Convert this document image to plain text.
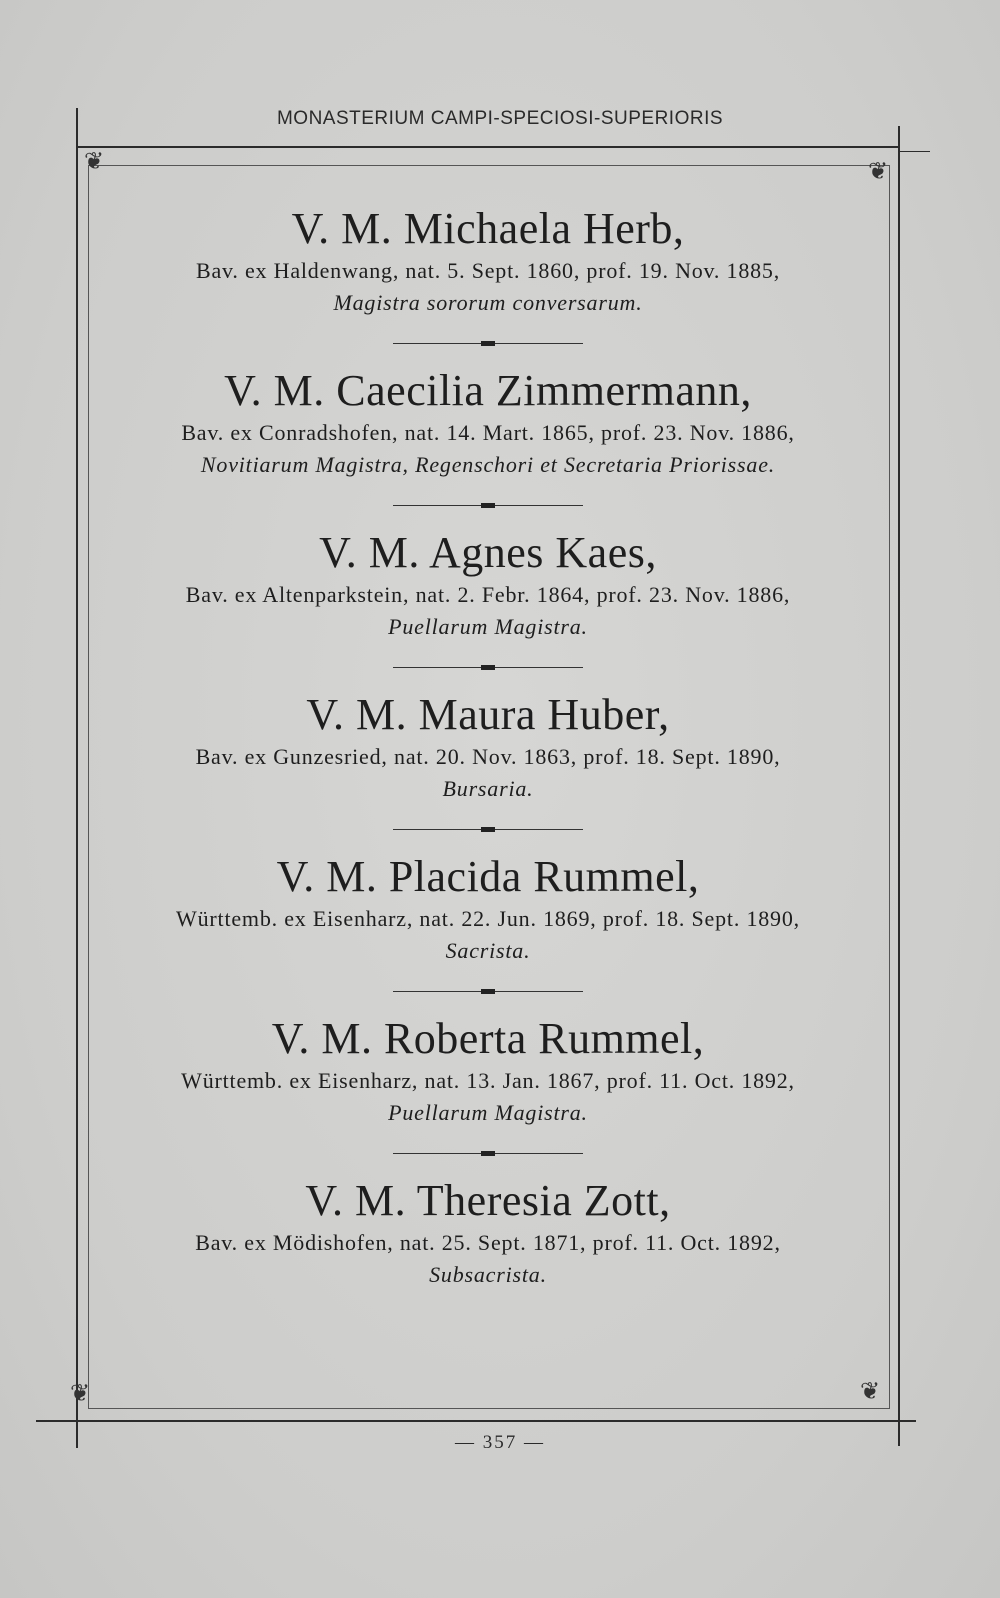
MONASTERIUM CAMPI-SPECIOSI-SUPERIORIS
❦	❦
❦	❦

V. M. Michaela Herb,

Bav. ex Haldenwang, nat. 5. Sept. 1860, prof. 19. Nov. 1885,

Magistra sororum conversarum.

V. M. Caecilia Zimmermann,

Bav. ex Conradshofen, nat. 14. Mart. 1865, prof. 23. Nov. 1886,

Novitiarum Magistra, Regenschori et Secretaria Priorissae.

V. M. Agnes Kaes,

Bav. ex Altenparkstein, nat. 2. Febr. 1864, prof. 23. Nov. 1886,

Puellarum Magistra.

V. M. Maura Huber,

Bav. ex Gunzesried, nat. 20. Nov. 1863, prof. 18. Sept. 1890,

Bursaria.

V. M. Placida Rummel,

Württemb. ex Eisenharz, nat. 22. Jun. 1869, prof. 18. Sept. 1890,

Sacrista.

V. M. Roberta Rummel,

Württemb. ex Eisenharz, nat. 13. Jan. 1867, prof. 11. Oct. 1892,

Puellarum Magistra.

V. M. Theresia Zott,

Bav. ex Mödishofen, nat. 25. Sept. 1871, prof. 11. Oct. 1892,

Subsacrista.

— 357 —
